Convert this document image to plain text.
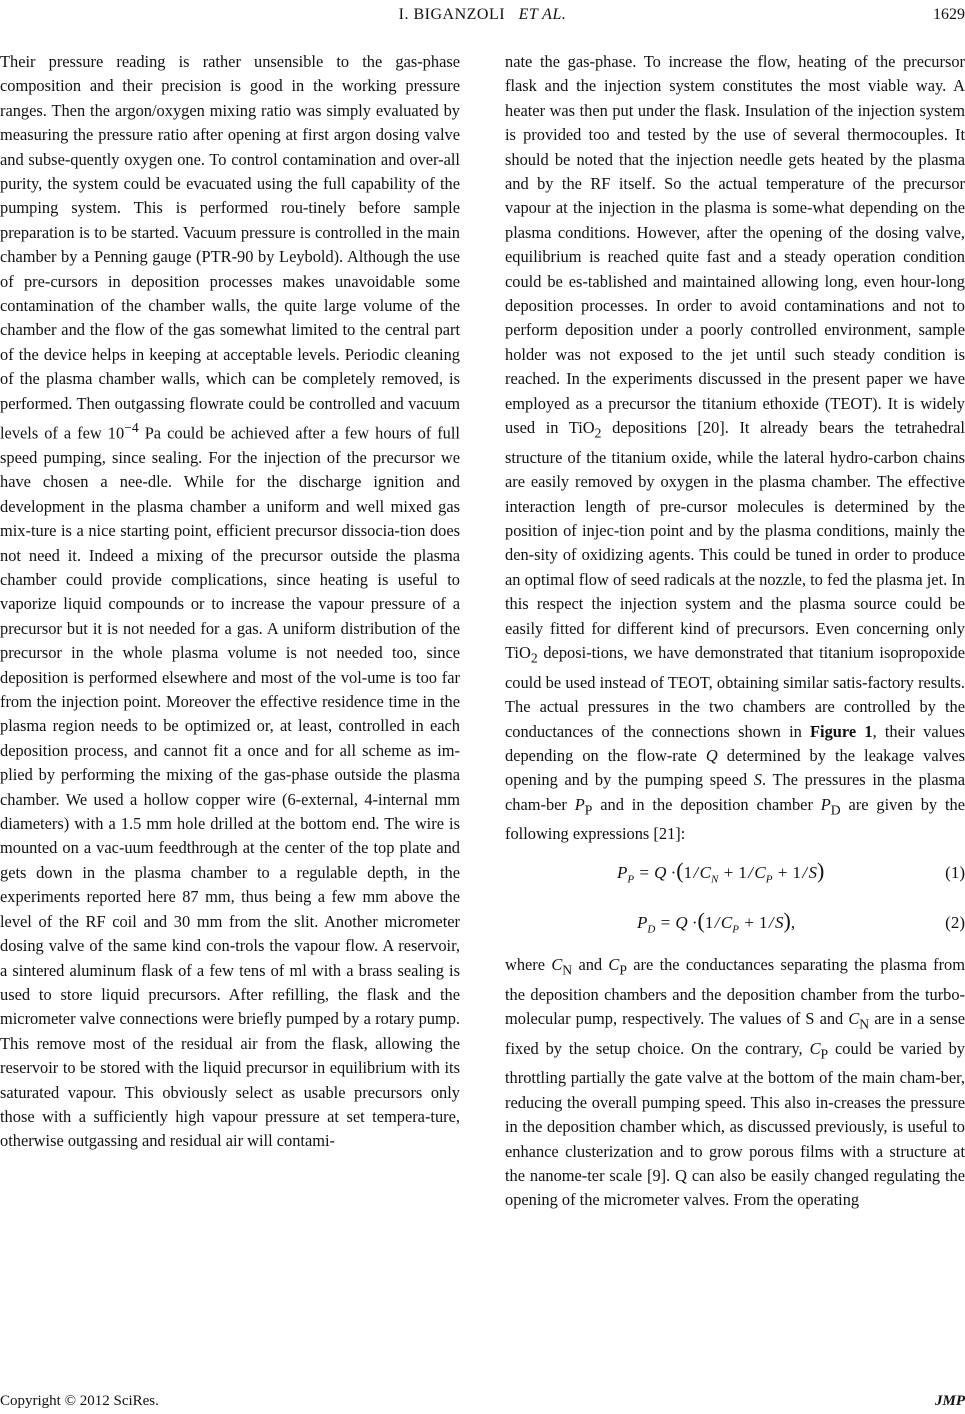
I. BIGANZOLI ET AL.	1629

Their pressure reading is rather unsensible to the gas-phase composition and their precision is good in the working pressure ranges. Then the argon/oxygen mixing ratio was simply evaluated by measuring the pressure ratio after opening at first argon dosing valve and subse-quently oxygen one. To control contamination and over-all purity, the system could be evacuated using the full capability of the pumping system. This is performed rou-tinely before sample preparation is to be started. Vacuum pressure is controlled in the main chamber by a Penning gauge (PTR-90 by Leybold). Although the use of pre-cursors in deposition processes makes unavoidable some contamination of the chamber walls, the quite large volume of the chamber and the flow of the gas somewhat limited to the central part of the device helps in keeping at acceptable levels. Periodic cleaning of the plasma chamber walls, which can be completely removed, is performed. Then outgassing flowrate could be controlled and vacuum levels of a few $10^{-4}$ Pa could be achieved after a few hours of full speed pumping, since sealing. For the injection of the precursor we have chosen a nee-dle. While for the discharge ignition and development in the plasma chamber a uniform and well mixed gas mix-ture is a nice starting point, efficient precursor dissocia-tion does not need it. Indeed a mixing of the precursor outside the plasma chamber could provide complications, since heating is useful to vaporize liquid compounds or to increase the vapour pressure of a precursor but it is not needed for a gas. A uniform distribution of the precursor in the whole plasma volume is not needed too, since deposition is performed elsewhere and most of the vol-ume is too far from the injection point. Moreover the effective residence time in the plasma region needs to be optimized or, at least, controlled in each deposition process, and cannot fit a once and for all scheme as im-plied by performing the mixing of the gas-phase outside the plasma chamber. We used a hollow copper wire (6-external, 4-internal mm diameters) with a 1.5 mm hole drilled at the bottom end. The wire is mounted on a vac-uum feedthrough at the center of the top plate and gets down in the plasma chamber to a regulable depth, in the experiments reported here 87 mm, thus being a few mm above the level of the RF coil and 30 mm from the slit. Another micrometer dosing valve of the same kind con-trols the vapour flow. A reservoir, a sintered aluminum flask of a few tens of ml with a brass sealing is used to store liquid precursors. After refilling, the flask and the micrometer valve connections were briefly pumped by a rotary pump. This remove most of the residual air from the flask, allowing the reservoir to be stored with the liquid precursor in equilibrium with its saturated vapour. This obviously select as usable precursors only those with a sufficiently high vapour pressure at set tempera-ture, otherwise outgassing and residual air will contami-

nate the gas-phase. To increase the flow, heating of the precursor flask and the injection system constitutes the most viable way. A heater was then put under the flask. Insulation of the injection system is provided too and tested by the use of several thermocouples. It should be noted that the injection needle gets heated by the plasma and by the RF itself. So the actual temperature of the precursor vapour at the injection in the plasma is some-what depending on the plasma conditions. However, after the opening of the dosing valve, equilibrium is reached quite fast and a steady operation condition could be es-tablished and maintained allowing long, even hour-long deposition processes. In order to avoid contaminations and not to perform deposition under a poorly controlled environment, sample holder was not exposed to the jet until such steady condition is reached. In the experiments discussed in the present paper we have employed as a precursor the titanium ethoxide (TEOT). It is widely used in TiO$_2$ depositions [20]. It already bears the tetrahedral structure of the titanium oxide, while the lateral hydro-carbon chains are easily removed by oxygen in the plasma chamber. The effective interaction length of pre-cursor molecules is determined by the position of injec-tion point and by the plasma conditions, mainly the den-sity of oxidizing agents. This could be tuned in order to produce an optimal flow of seed radicals at the nozzle, to fed the plasma jet. In this respect the injection system and the plasma source could be easily fitted for different kind of precursors. Even concerning only TiO$_2$ deposi-tions, we have demonstrated that titanium isopropoxide could be used instead of TEOT, obtaining similar satis-factory results. The actual pressures in the two chambers are controlled by the conductances of the connections shown in Figure 1, their values depending on the flow-rate Q determined by the leakage valves opening and by the pumping speed S. The pressures in the plasma cham-ber $P_P$ and in the deposition chamber $P_D$ are given by the following expressions [21]:

$P_P = Q \cdot(1$ / $C_N + 1$ / $C_P + 1$ / S)	(1)
$P_D = Q \cdot(1$ / $C_P + 1$ / S),	(2)

where $C_N$ and $C_P$ are the conductances separating the plasma from the deposition chambers and the deposition chamber from the turbo-molecular pump, respectively. The values of S and $C_N$ are in a sense fixed by the setup choice. On the contrary, $C_P$ could be varied by throttling partially the gate valve at the bottom of the main cham-ber, reducing the overall pumping speed. This also in-creases the pressure in the deposition chamber which, as discussed previously, is useful to enhance clusterization and to grow porous films with a structure at the nanome-ter scale [9]. Q can also be easily changed regulating the opening of the micrometer valves. From the operating

Copyright © 2012 SciRes.	JMP
